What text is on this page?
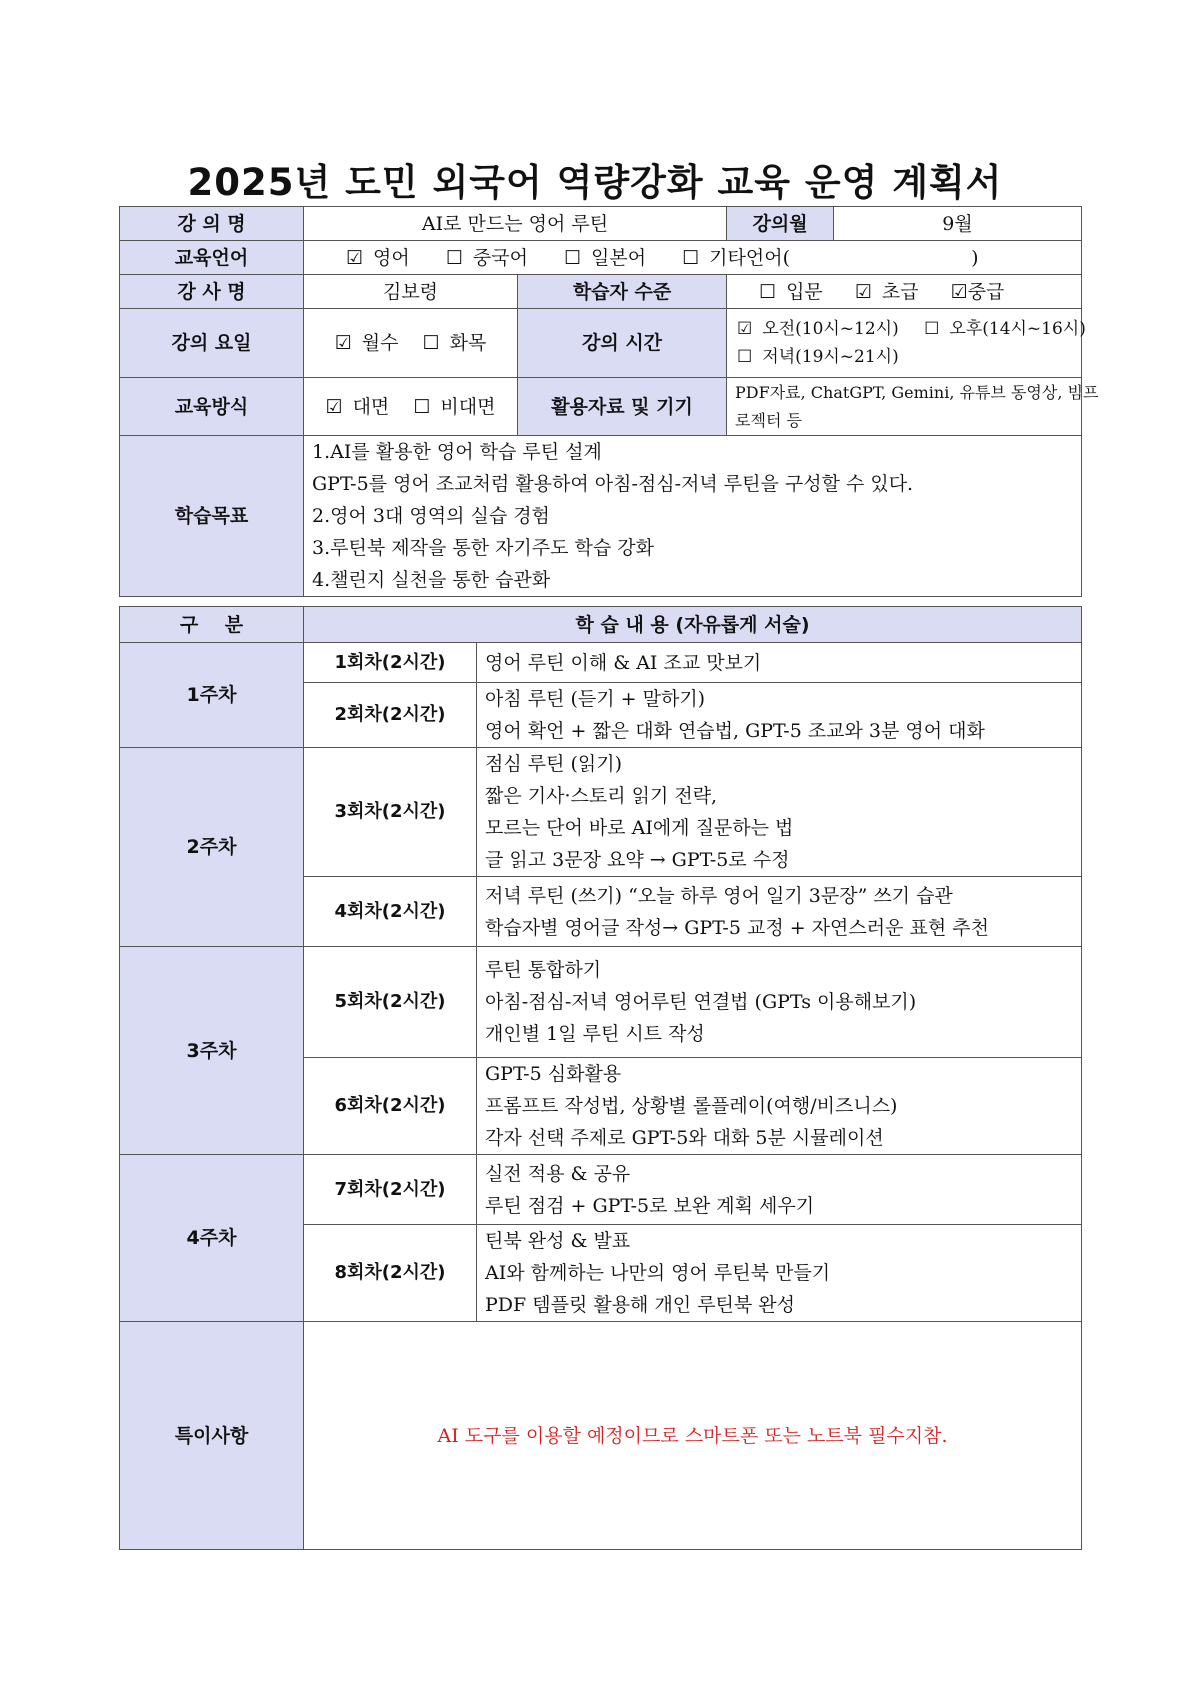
2025년 도민 외국어 역량강화 교육 운영 계획서
강 의 명	AI로 만드는 영어 루틴		강의월	9월
교육언어	☑ 영어 ☐ 중국어 ☐ 일본어 ☐ 기타언어(                              )			
강 사 명	김보령	학습자 수준	☐ 입문 ☑ 초급 ☑중급	
강의 요일	☑ 월수 ☐ 화목	강의 시간	☑ 오전(10시~12시) ☐ 오후(14시~16시)
☐ 저녁(19시~21시)	

교육방식	☑ 대면 ☐ 비대면	활용자료 및 기기	PDF자료, ChatGPT, Gemini, 유튜브 동영상, 빔프
로젝터 등	

학습목표	1.AI를 활용한 영어 학습 루틴 설계
GPT-5를 영어 조교처럼 활용하여 아침-점심-저녁 루틴을 구성할 수 있다.
2.영어 3대 영역의 실습 경험
3.루틴북 제작을 통한 자기주도 학습 강화
4.챌린지 실천을 통한 습관화			
구    분	학 습 내 용 (자유롭게 서술)	
1주차	1회차(2시간)	영어 루틴 이해 & AI 조교 맛보기

	2회차(2시간)	아침 루틴 (듣기 + 말하기)
영어 확언 + 짧은 대화 연습법, GPT-5 조교와 3분 영어 대화

2주차	3회차(2시간)	점심 루틴 (읽기)
짧은 기사·스토리 읽기 전략,
모르는 단어 바로 AI에게 질문하는 법
글 읽고 3문장 요약 → GPT-5로 수정

	4회차(2시간)	저녁 루틴 (쓰기) “오늘 하루 영어 일기 3문장” 쓰기 습관
학습자별 영어글 작성→ GPT-5 교정 + 자연스러운 표현 추천

3주차	5회차(2시간)	루틴 통합하기
아침-점심-저녁 영어루틴 연결법 (GPTs 이용해보기)
개인별 1일 루틴 시트 작성

	6회차(2시간)	GPT-5 심화활용
프롬프트 작성법, 상황별 롤플레이(여행/비즈니스)
각자 선택 주제로 GPT-5와 대화 5분 시뮬레이션

4주차	7회차(2시간)	실전 적용 & 공유
루틴 점검 + GPT-5로 보완 계획 세우기

	8회차(2시간)	틴북 완성 & 발표
AI와 함께하는 나만의 영어 루틴북 만들기
PDF 템플릿 활용해 개인 루틴북 완성

특이사항	AI 도구를 이용할 예정이므로 스마트폰 또는 노트북 필수지참.	
